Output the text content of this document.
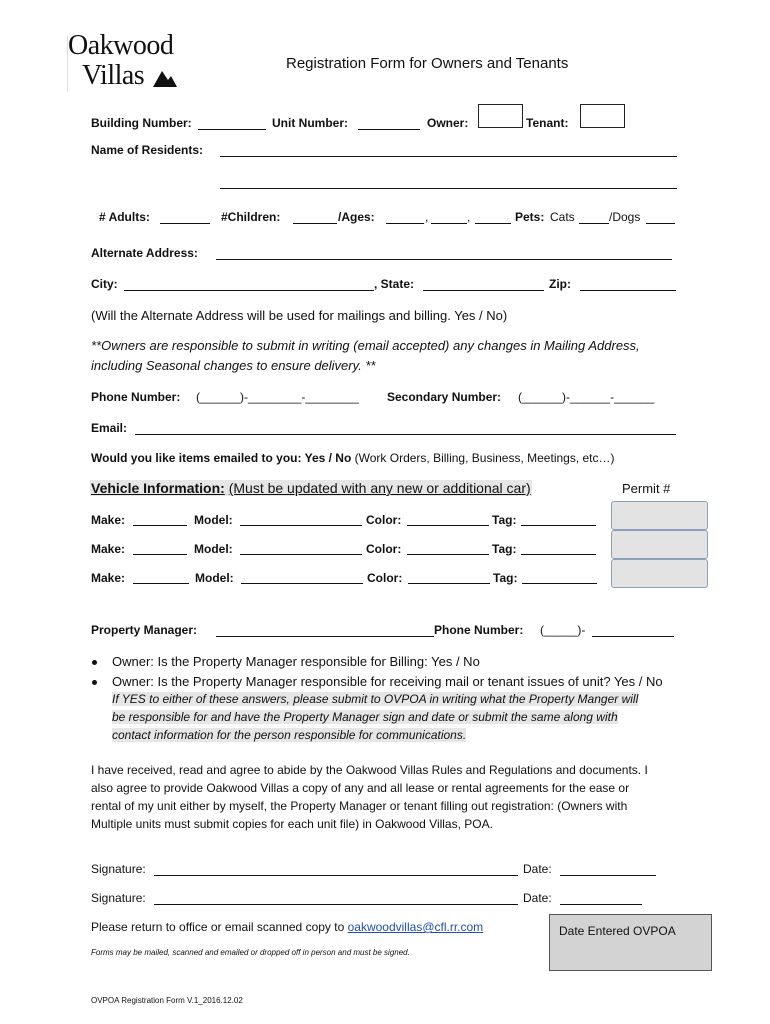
Oakwood
Villas	Registration Form for Owners and Tenants
Building Number:	Unit Number:	Owner:	Tenant:
Name of Residents:
# Adults:	#Children:	/Ages:	,	,	Pets: Cats	/Dogs
Alternate Address:
City:	, State:	Zip:
(Will the Alternate Address will be used for mailings and billing. Yes / No)
**Owners are responsible to submit in writing (email accepted) any changes in Mailing Address,
including Seasonal changes to ensure delivery. **
Phone Number: (______)-________-________ Secondary Number: (______)-______-______
Email:
Would you like items emailed to you: Yes / No (Work Orders, Billing, Business, Meetings, etc…)
Vehicle Information: (Must be updated with any new or additional car)	Permit #
Make:	Model:	Color:	Tag:
Make:	Model:	Color:	Tag:
Make:	Model:	Color:	Tag:
Property Manager:	Phone Number: (_____)-
Owner: Is the Property Manager responsible for Billing: Yes / No
Owner: Is the Property Manager responsible for receiving mail or tenant issues of unit? Yes / No
If YES to either of these answers, please submit to OVPOA in writing what the Property Manger will
be responsible for and have the Property Manager sign and date or submit the same along with
contact information for the person responsible for communications.
I have received, read and agree to abide by the Oakwood Villas Rules and Regulations and documents. I
also agree to provide Oakwood Villas a copy of any and all lease or rental agreements for the ease or
rental of my unit either by myself, the Property Manager or tenant filling out registration: (Owners with
Multiple units must submit copies for each unit file) in Oakwood Villas, POA.
Signature:	Date:
Signature:	Date:
Please return to office or email scanned copy to oakwoodvillas@cfl.rr.com
Forms may be mailed, scanned and emailed or dropped off in person and must be signed.
Date Entered OVPOA
OVPOA Registration Form V.1_2016.12.02
